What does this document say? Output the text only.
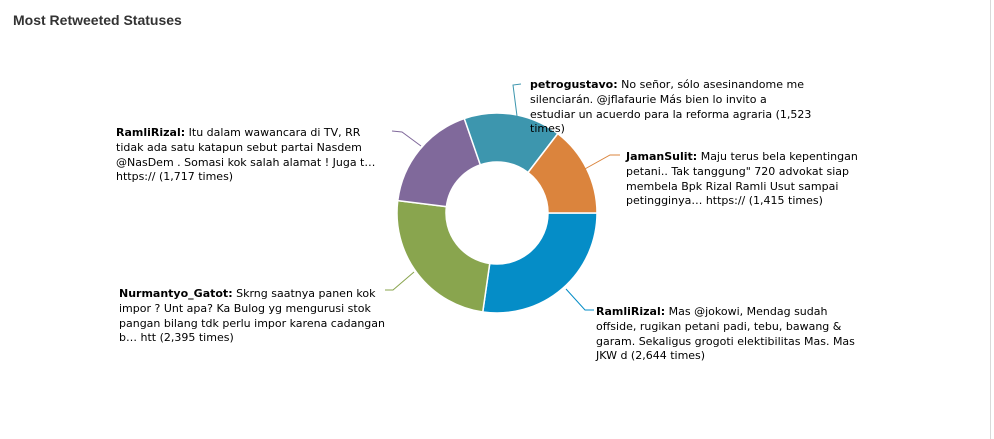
Most Retweeted Statuses
RamliRizal: Mas @jokowi, Mendag sudah offside, rugikan petani padi, tebu, bawang & garam. Sekaligus grogoti elektibilitas Mas. Mas JKW d (2,644 times)
Nurmantyo_Gatot: Skrng saatnya panen kok impor ? Unt apa? Ka Bulog yg mengurusi stok pangan bilang tdk perlu impor karena cadangan b… htt (2,395 times)
RamliRizal: Itu dalam wawancara di TV, RR tidak ada satu katapun sebut partai Nasdem @NasDem . Somasi kok salah alamat ! Juga t… https:// (1,717 times)
petrogustavo: No señor, sólo asesinandome me silenciarán. @jflafaurie Más bien lo invito a estudiar un acuerdo para la reforma agraria (1,523 times)
JamanSulit: Maju terus bela kepentingan petani.. Tak tanggung" 720 advokat siap membela Bpk Rizal Ramli Usut sampai petingginya… https:// (1,415 times)
